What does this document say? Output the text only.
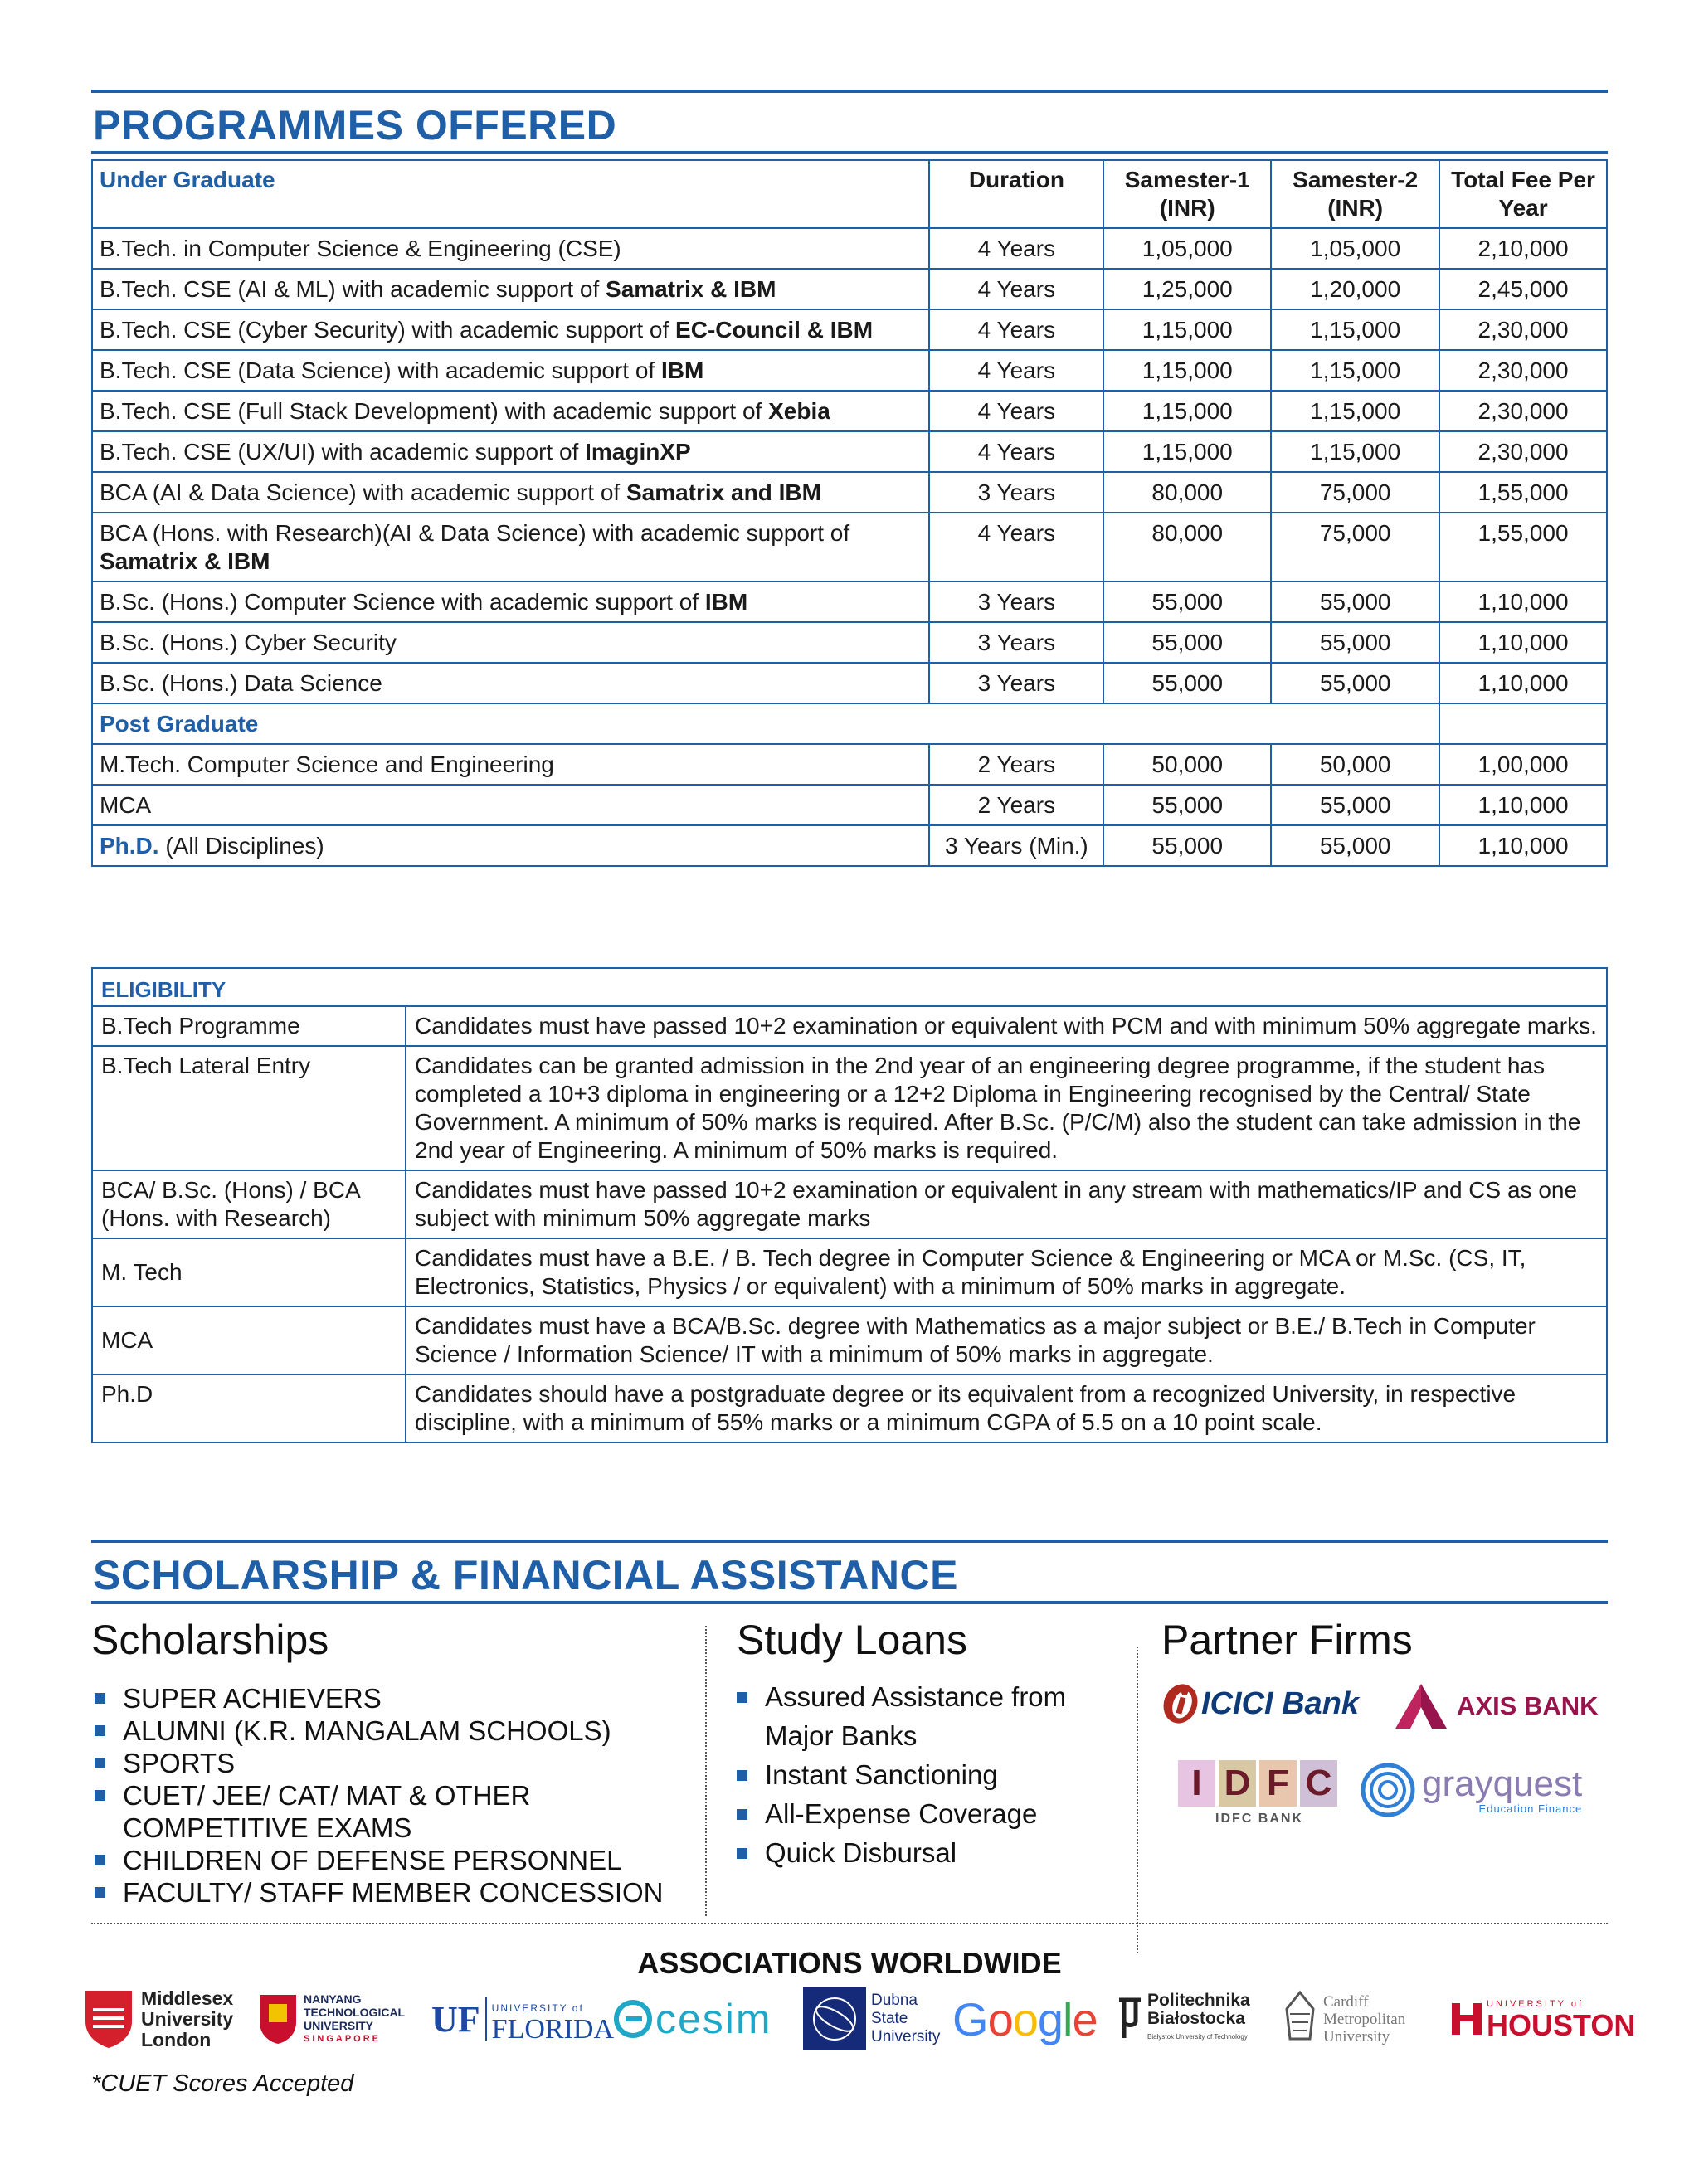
PROGRAMMES OFFERED
Under Graduate	Duration	Samester-1 (INR)	Samester-2 (INR)	Total Fee Per Year
B.Tech. in Computer Science & Engineering (CSE)	4 Years	1,05,000	1,05,000	2,10,000
B.Tech. CSE (AI & ML) with academic support of Samatrix & IBM	4 Years	1,25,000	1,20,000	2,45,000
B.Tech. CSE (Cyber Security) with academic support of EC-Council & IBM	4 Years	1,15,000	1,15,000	2,30,000
B.Tech. CSE (Data Science) with academic support of IBM	4 Years	1,15,000	1,15,000	2,30,000
B.Tech. CSE (Full Stack Development) with academic support of Xebia	4 Years	1,15,000	1,15,000	2,30,000
B.Tech. CSE (UX/UI) with academic support of ImaginXP	4 Years	1,15,000	1,15,000	2,30,000
BCA (AI & Data Science) with academic support of Samatrix and IBM	3 Years	80,000	75,000	1,55,000
BCA (Hons. with Research)(AI & Data Science) with academic support of Samatrix & IBM	4 Years	80,000	75,000	1,55,000
B.Sc. (Hons.) Computer Science with academic support of IBM	3 Years	55,000	55,000	1,10,000
B.Sc. (Hons.) Cyber Security	3 Years	55,000	55,000	1,10,000
B.Sc. (Hons.) Data Science	3 Years	55,000	55,000	1,10,000
Post Graduate				
M.Tech. Computer Science and Engineering	2 Years	50,000	50,000	1,00,000
MCA	2 Years	55,000	55,000	1,10,000
Ph.D. (All Disciplines)	3 Years (Min.)	55,000	55,000	1,10,000
ELIGIBILITY	
B.Tech Programme	Candidates must have passed 10+2 examination or equivalent with PCM and with minimum 50% aggregate marks.
B.Tech Lateral Entry	Candidates can be granted admission in the 2nd year of an engineering degree programme, if the student has completed a 10+3 diploma in engineering or a 12+2 Diploma in Engineering recognised by the Central/ State Government. A minimum of 50% marks is required. After B.Sc. (P/C/M) also the student can take admission in the 2nd year of Engineering. A minimum of 50% marks is required.
BCA/ B.Sc. (Hons) / BCA (Hons. with Research)	Candidates must have passed 10+2 examination or equivalent in any stream with mathematics/IP and CS as one subject with minimum 50% aggregate marks
M. Tech	Candidates must have a B.E. / B. Tech degree in Computer Science & Engineering or MCA or M.Sc. (CS, IT, Electronics, Statistics, Physics / or equivalent) with a minimum of 50% marks in aggregate.
MCA	Candidates must have a BCA/B.Sc. degree with Mathematics as a major subject or B.E./ B.Tech in Computer Science / Information Science/ IT with a minimum of 50% marks in aggregate.
Ph.D	Candidates should have a postgraduate degree or its equivalent from a recognized University, in respective discipline, with a minimum of 55% marks or a minimum CGPA of 5.5 on a 10 point scale.
SCHOLARSHIP & FINANCIAL ASSISTANCE
Scholarships
SUPER ACHIEVERS
ALUMNI (K.R. MANGALAM SCHOOLS)
SPORTS
CUET/ JEE/ CAT/ MAT & OTHER COMPETITIVE EXAMS
CHILDREN OF DEFENSE PERSONNEL
FACULTY/ STAFF MEMBER CONCESSION
Study Loans
Assured Assistance from Major Banks
Instant Sanctioning
All-Expense Coverage
Quick Disbursal
Partner Firms
ICICI Bank	AXIS BANK
I D F C
IDFC BANK
grayquest
Education Finance
ASSOCIATIONS WORLDWIDE
Middlesex
University
London
NANYANG
TECHNOLOGICAL
UNIVERSITY
SINGAPORE	UF UNIVERSITY of
FLORIDA cesim	Dubna
State
University Google	Politechnika
Białostocka
Białystok University of Technology
Cardiff
Metropolitan
University
UNIVERSITY of
HOUSTON
*CUET Scores Accepted
